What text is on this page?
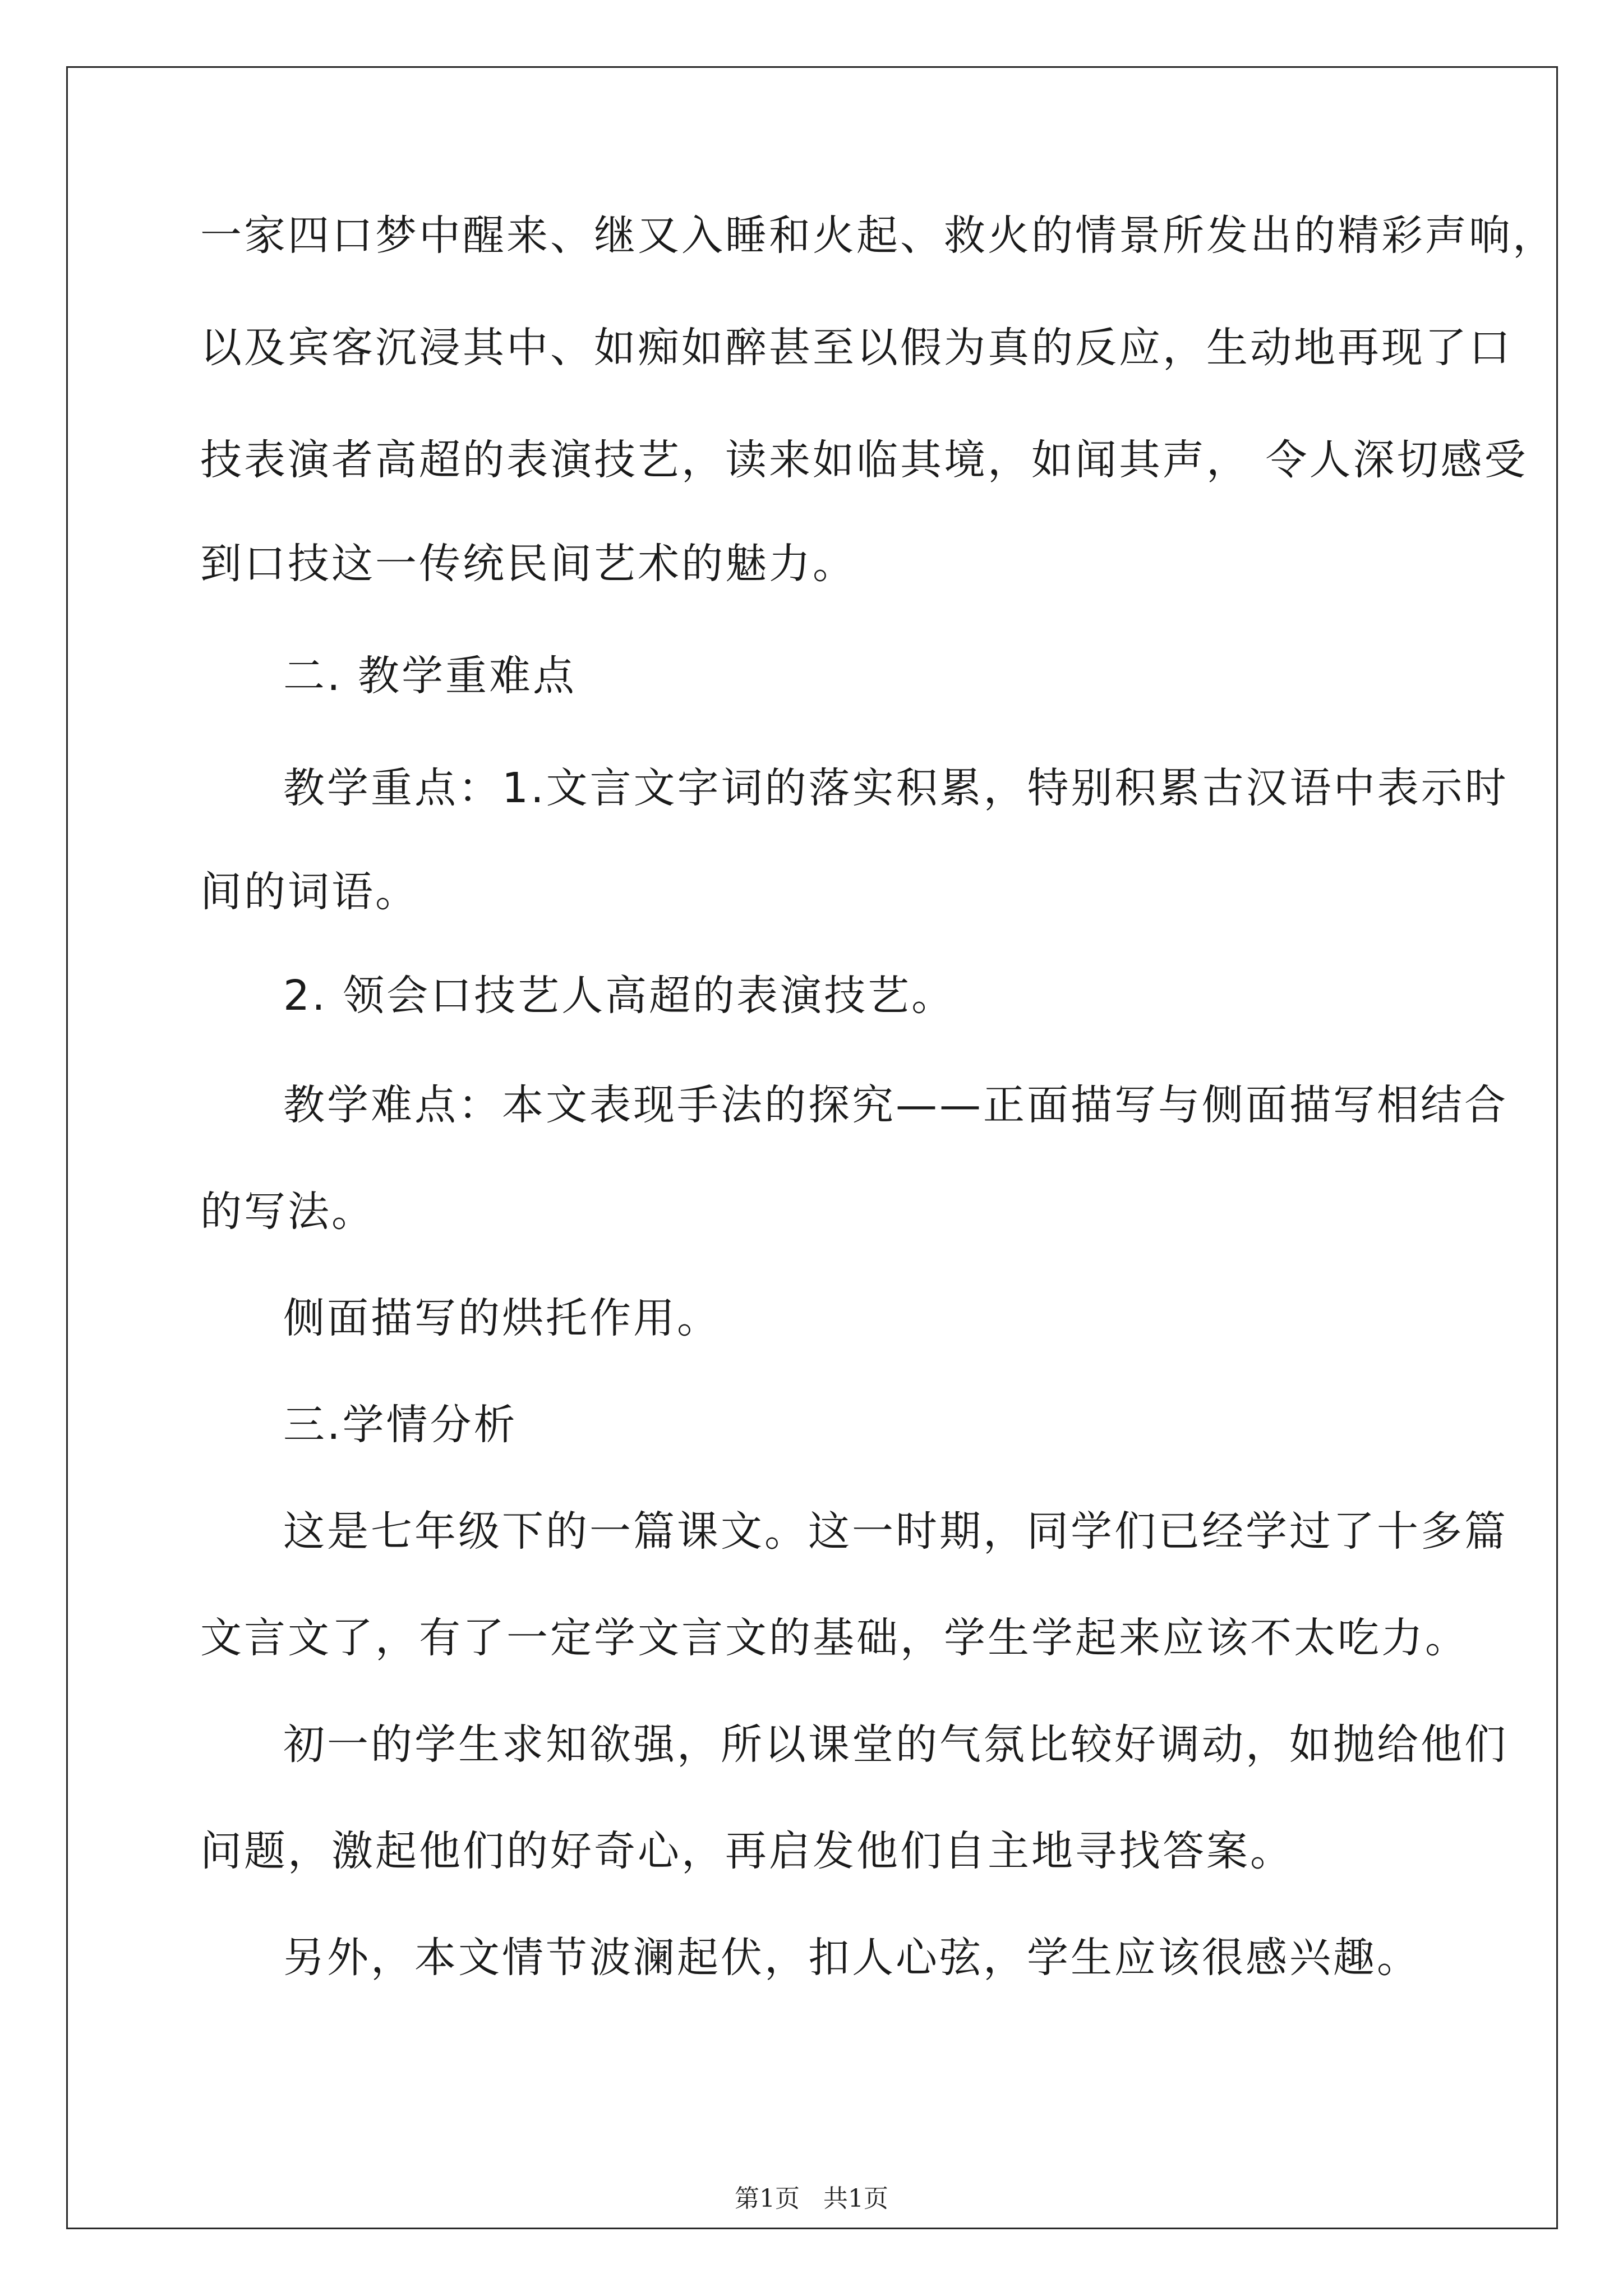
一家四口梦中醒来、继又入睡和火起、救火的情景所发出的精彩声响，
以及宾客沉浸其中、如痴如醉甚至以假为真的反应，生动地再现了口
技表演者高超的表演技艺，读来如临其境，如闻其声， 令人深切感受
到口技这一传统民间艺术的魅力。
二. 教学重难点
教学重点：1.文言文字词的落实积累，特别积累古汉语中表示时
间的词语。
2. 领会口技艺人高超的表演技艺。
教学难点：本文表现手法的探究——正面描写与侧面描写相结合
的写法。
侧面描写的烘托作用。
三.学情分析
这是七年级下的一篇课文。这一时期，同学们已经学过了十多篇
文言文了，有了一定学文言文的基础，学生学起来应该不太吃力。
初一的学生求知欲强，所以课堂的气氛比较好调动，如抛给他们
问题，激起他们的好奇心，再启发他们自主地寻找答案。
另外，本文情节波澜起伏，扣人心弦，学生应该很感兴趣。
第1页   共1页
